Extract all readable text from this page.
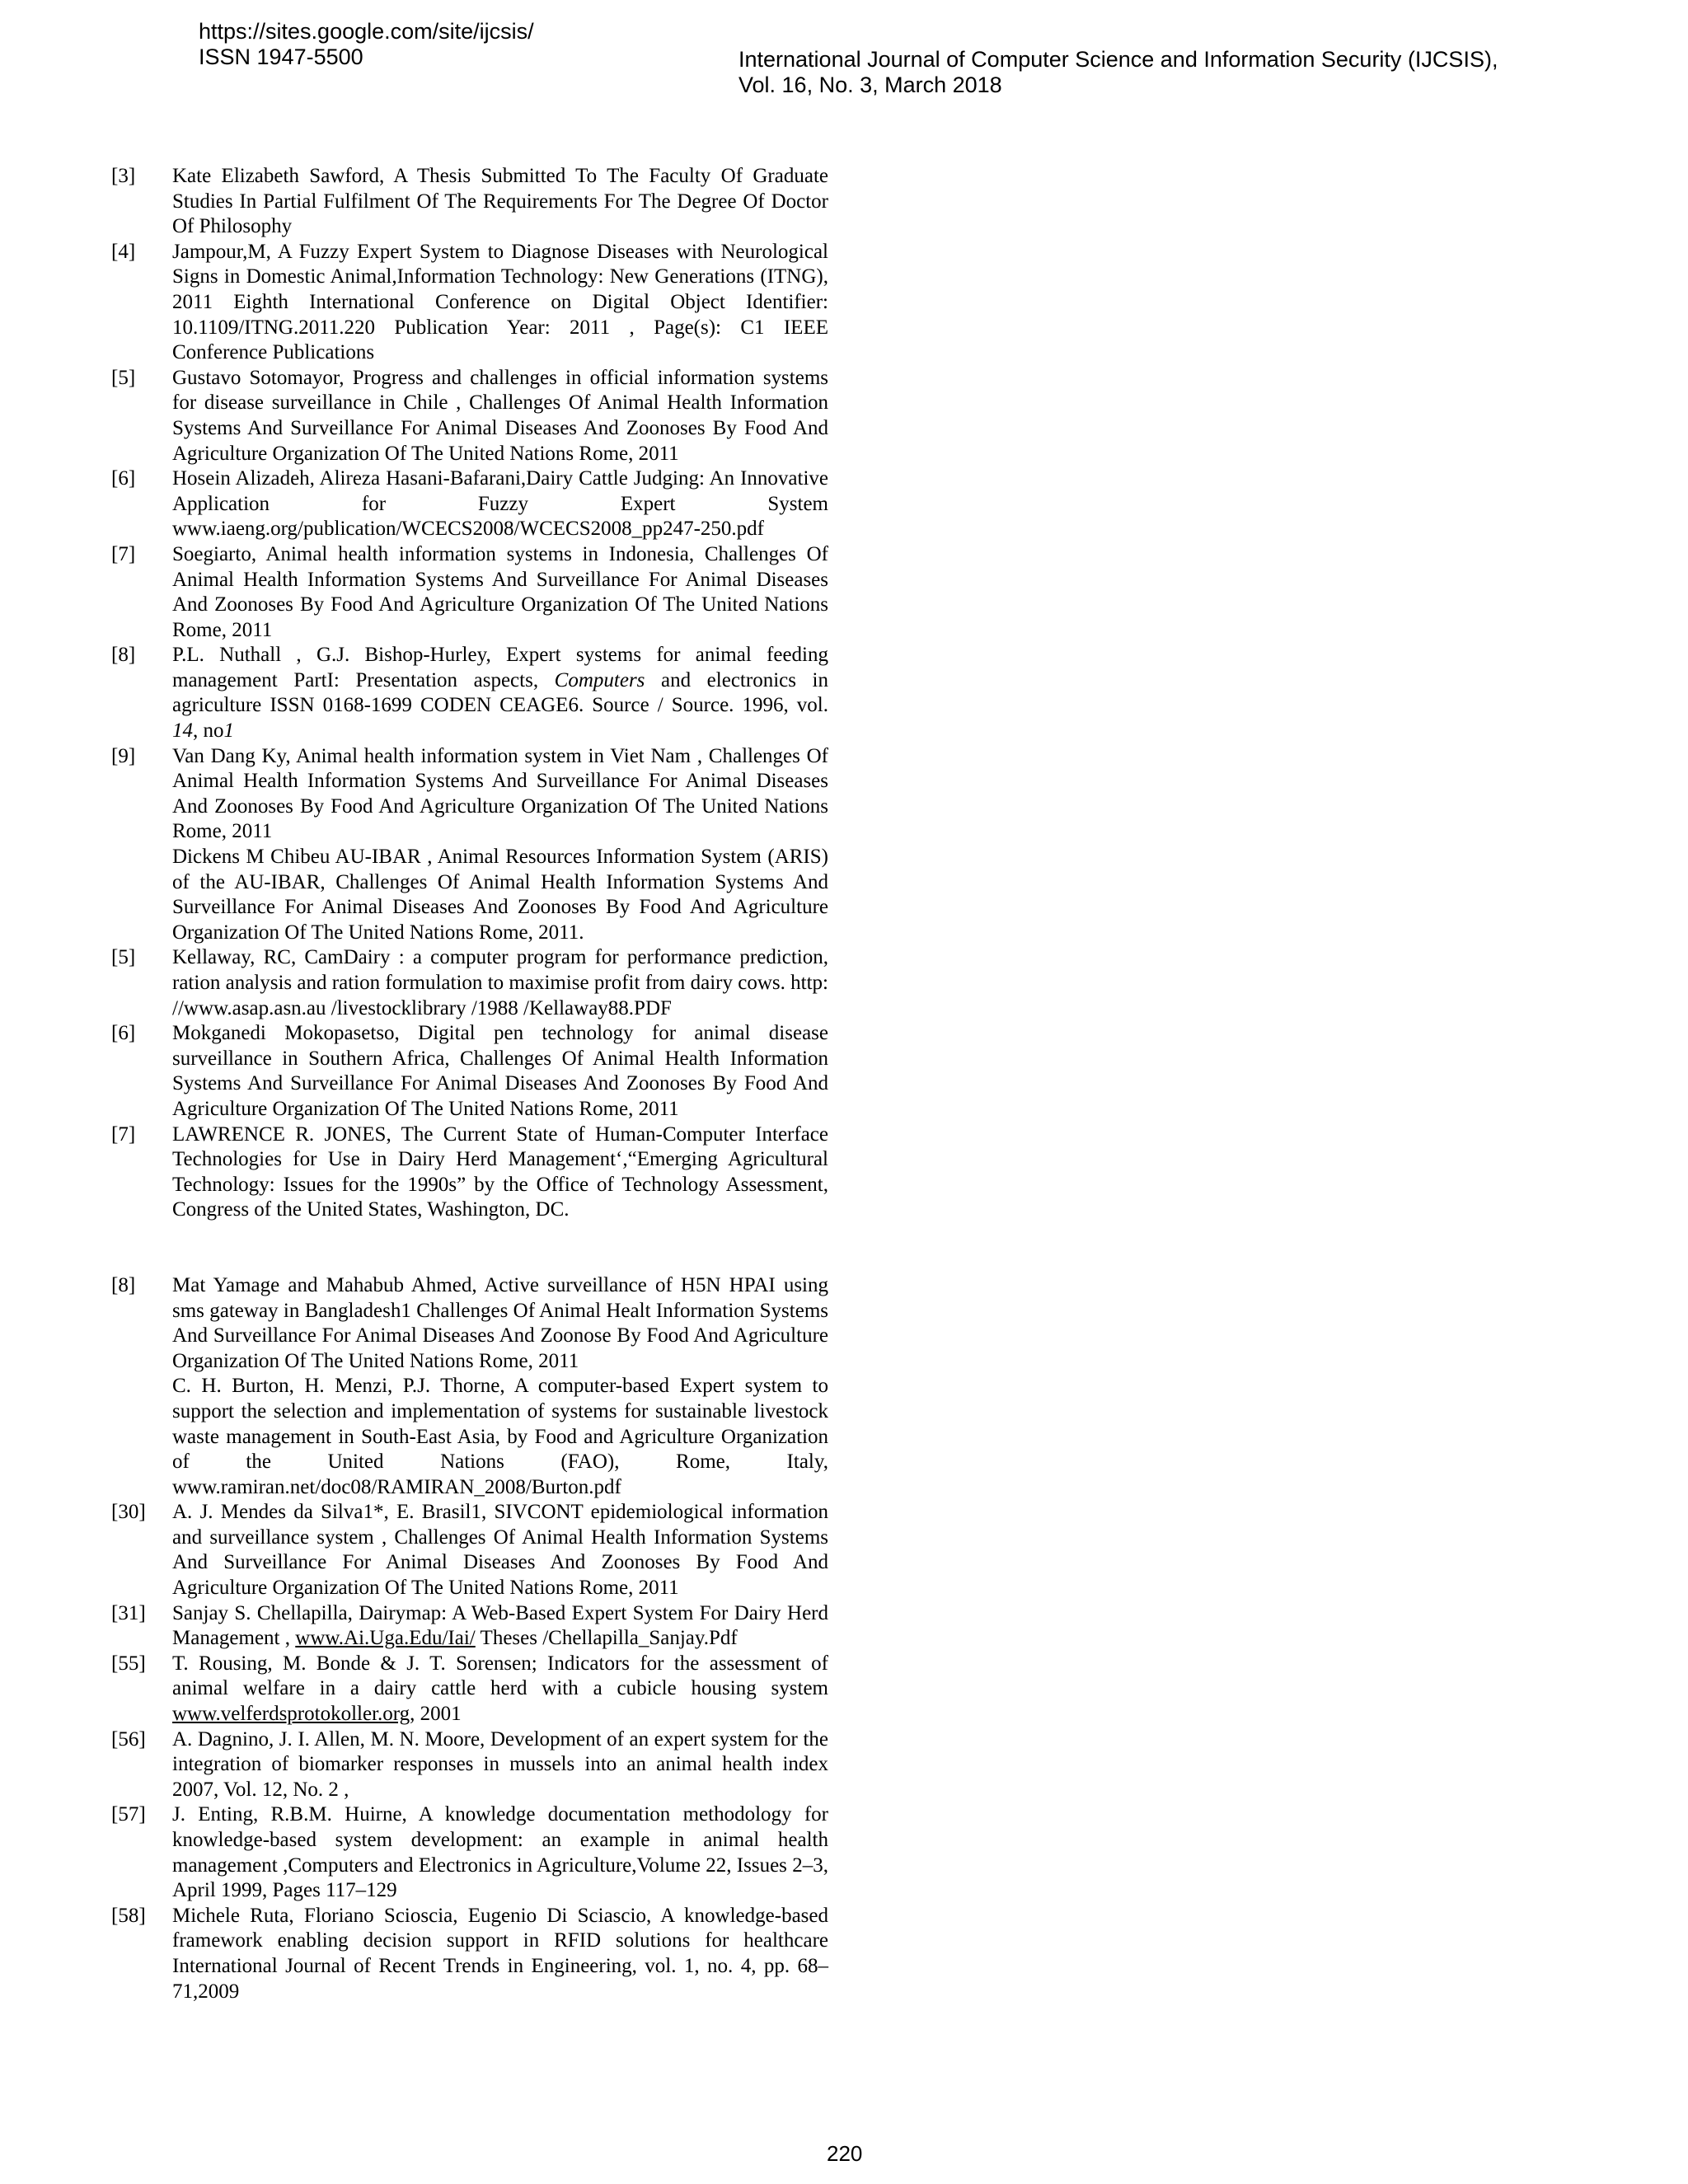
https://sites.google.com/site/ijcsis/
ISSN 1947-5500	International Journal of Computer Science and Information Security (IJCSIS),
Vol. 16, No. 3, March 2018
[3]	Kate Elizabeth Sawford, A Thesis Submitted To The Faculty Of Graduate Studies In Partial Fulfilment Of The Requirements For The Degree Of Doctor Of Philosophy
[4]	Jampour,M, A Fuzzy Expert System to Diagnose Diseases with Neurological Signs in Domestic Animal,Information Technology: New Generations (ITNG), 2011 Eighth International Conference on Digital Object Identifier: 10.1109/ITNG.2011.220 Publication Year: 2011 , Page(s): C1 IEEE Conference Publications
[5]	Gustavo Sotomayor, Progress and challenges in official information systems for disease surveillance in Chile , Challenges Of Animal Health Information Systems And Surveillance For Animal Diseases And Zoonoses By Food And Agriculture Organization Of The United Nations Rome, 2011
[6]	Hosein Alizadeh, Alireza Hasani-Bafarani,Dairy Cattle Judging: An Innovative Application for Fuzzy Expert System www.iaeng.org/publication/WCECS2008/WCECS2008_pp247-250.pdf
[7]	Soegiarto, Animal health information systems in Indonesia, Challenges Of Animal Health Information Systems And Surveillance For Animal Diseases And Zoonoses By Food And Agriculture Organization Of The United Nations Rome, 2011
[8]	P.L. Nuthall , G.J. Bishop-Hurley, Expert systems for animal feeding management PartI: Presentation aspects, Computers and electronics in agriculture ISSN 0168-1699 CODEN CEAGE6. Source / Source. 1996, vol. 14, no1
[9]	Van Dang Ky, Animal health information system in Viet Nam , Challenges Of Animal Health Information Systems And Surveillance For Animal Diseases And Zoonoses By Food And Agriculture Organization Of The United Nations Rome, 2011
Dickens M Chibeu AU-IBAR , Animal Resources Information System (ARIS) of the AU-IBAR, Challenges Of Animal Health Information Systems And Surveillance For Animal Diseases And Zoonoses By Food And Agriculture Organization Of The United Nations Rome, 2011.
[5]	Kellaway, RC, CamDairy : a computer program for performance prediction, ration analysis and ration formulation to maximise profit from dairy cows. http: //www.asap.asn.au /livestocklibrary /1988 /Kellaway88.PDF
[6]	Mokganedi Mokopasetso, Digital pen technology for animal disease surveillance in Southern Africa, Challenges Of Animal Health Information Systems And Surveillance For Animal Diseases And Zoonoses By Food And Agriculture Organization Of The United Nations Rome, 2011
[7]	LAWRENCE R. JONES, The Current State of Human-Computer Interface Technologies for Use in Dairy Herd Management‘,“Emerging Agricultural Technology: Issues for the 1990s” by the Office of Technology Assessment, Congress of the United States, Washington, DC.
[8]	Mat Yamage and Mahabub Ahmed, Active surveillance of H5N HPAI using sms gateway in Bangladesh1 Challenges Of Animal Healt Information Systems And Surveillance For Animal Diseases And Zoonose By Food And Agriculture Organization Of The United Nations Rome, 2011
C. H. Burton, H. Menzi, P.J. Thorne, A computer-based Expert system to support the selection and implementation of systems for sustainable livestock waste management in South-East Asia, by Food and Agriculture Organization of the United Nations (FAO), Rome, Italy, www.ramiran.net/doc08/RAMIRAN_2008/Burton.pdf
[30]	A. J. Mendes da Silva1*, E. Brasil1, SIVCONT epidemiological information and surveillance system , Challenges Of Animal Health Information Systems And Surveillance For Animal Diseases And Zoonoses By Food And Agriculture Organization Of The United Nations Rome, 2011
[31]	Sanjay S. Chellapilla, Dairymap: A Web-Based Expert System For Dairy Herd Management , www.Ai.Uga.Edu/Iai/ Theses /Chellapilla_Sanjay.Pdf
[55]	T. Rousing, M. Bonde & J. T. Sorensen; Indicators for the assessment of animal welfare in a dairy cattle herd with a cubicle housing system www.velferdsprotokoller.org, 2001
[56]	A. Dagnino, J. I. Allen, M. N. Moore, Development of an expert system for the integration of biomarker responses in mussels into an animal health index 2007, Vol. 12, No. 2 ,
[57]	J. Enting, R.B.M. Huirne, A knowledge documentation methodology for knowledge-based system development: an example in animal health management ,Computers and Electronics in Agriculture,Volume 22, Issues 2–3, April 1999, Pages 117–129
[58]	Michele Ruta, Floriano Scioscia, Eugenio Di Sciascio, A knowledge-based framework enabling decision support in RFID solutions for healthcare International Journal of Recent Trends in Engineering, vol. 1, no. 4, pp. 68–71,2009
220
